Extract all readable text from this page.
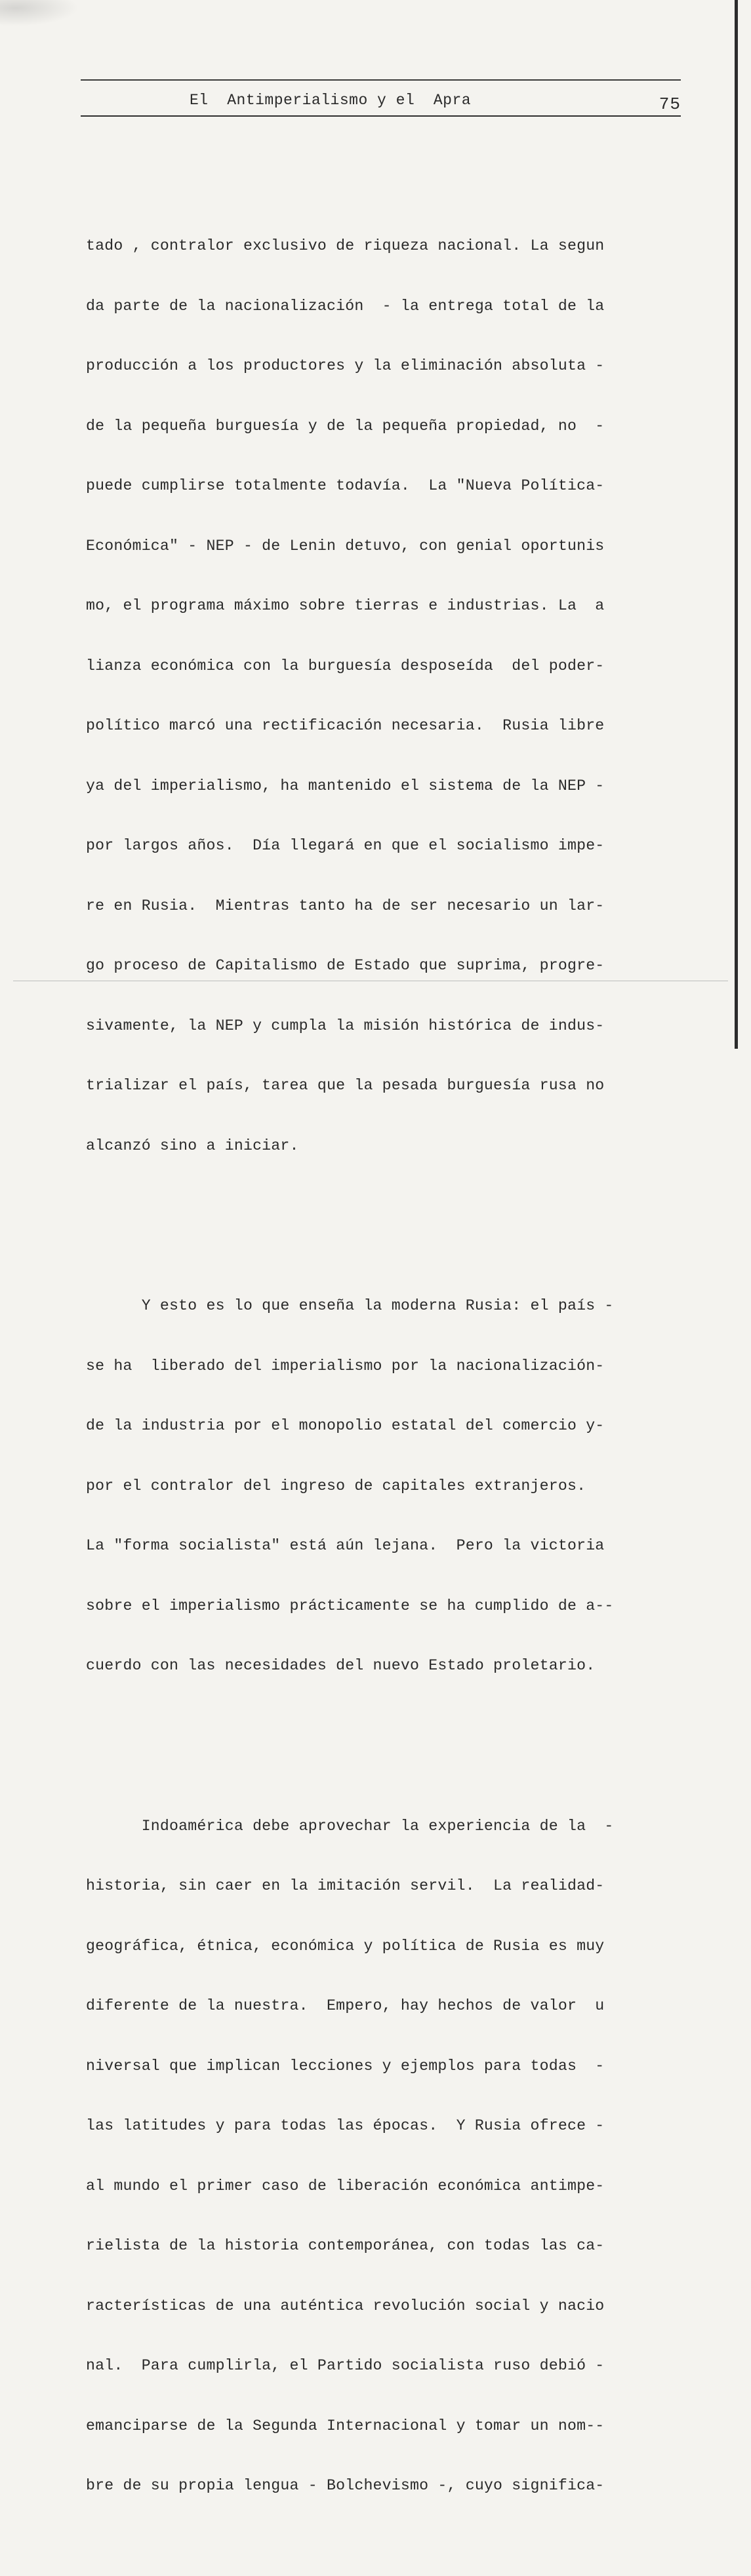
El  Antimperialismo y el  Apra	75

tado , contralor exclusivo de riqueza nacional. La segun

da parte de la nacionalización  - la entrega total de la

producción a los productores y la eliminación absoluta -

de la pequeña burguesía y de la pequeña propiedad, no  -

puede cumplirse totalmente todavía.  La "Nueva Política-

Económica" - NEP - de Lenin detuvo, con genial oportunis

mo, el programa máximo sobre tierras e industrias. La  a

lianza económica con la burguesía desposeída  del poder-

político marcó una rectificación necesaria.  Rusia libre

ya del imperialismo, ha mantenido el sistema de la NEP -

por largos años.  Día llegará en que el socialismo impe-

re en Rusia.  Mientras tanto ha de ser necesario un lar-

go proceso de Capitalismo de Estado que suprima, progre-

sivamente, la NEP y cumpla la misión histórica de indus-

trializar el país, tarea que la pesada burguesía rusa no

alcanzó sino a iniciar.

Y esto es lo que enseña la moderna Rusia: el país -

se ha  liberado del imperialismo por la nacionalización-

de la industria por el monopolio estatal del comercio y-

por el contralor del ingreso de capitales extranjeros.

La "forma socialista" está aún lejana.  Pero la victoria

sobre el imperialismo prácticamente se ha cumplido de a--

cuerdo con las necesidades del nuevo Estado proletario.

Indoamérica debe aprovechar la experiencia de la  -

historia, sin caer en la imitación servil.  La realidad-

geográfica, étnica, económica y política de Rusia es muy

diferente de la nuestra.  Empero, hay hechos de valor  u

niversal que implican lecciones y ejemplos para todas  -

las latitudes y para todas las épocas.  Y Rusia ofrece -

al mundo el primer caso de liberación económica antimpe-

rielista de la historia contemporánea, con todas las ca-

racterísticas de una auténtica revolución social y nacio

nal.  Para cumplirla, el Partido socialista ruso debió -

emanciparse de la Segunda Internacional y tomar un nom--

bre de su propia lengua - Bolchevismo -, cuyo significa-
